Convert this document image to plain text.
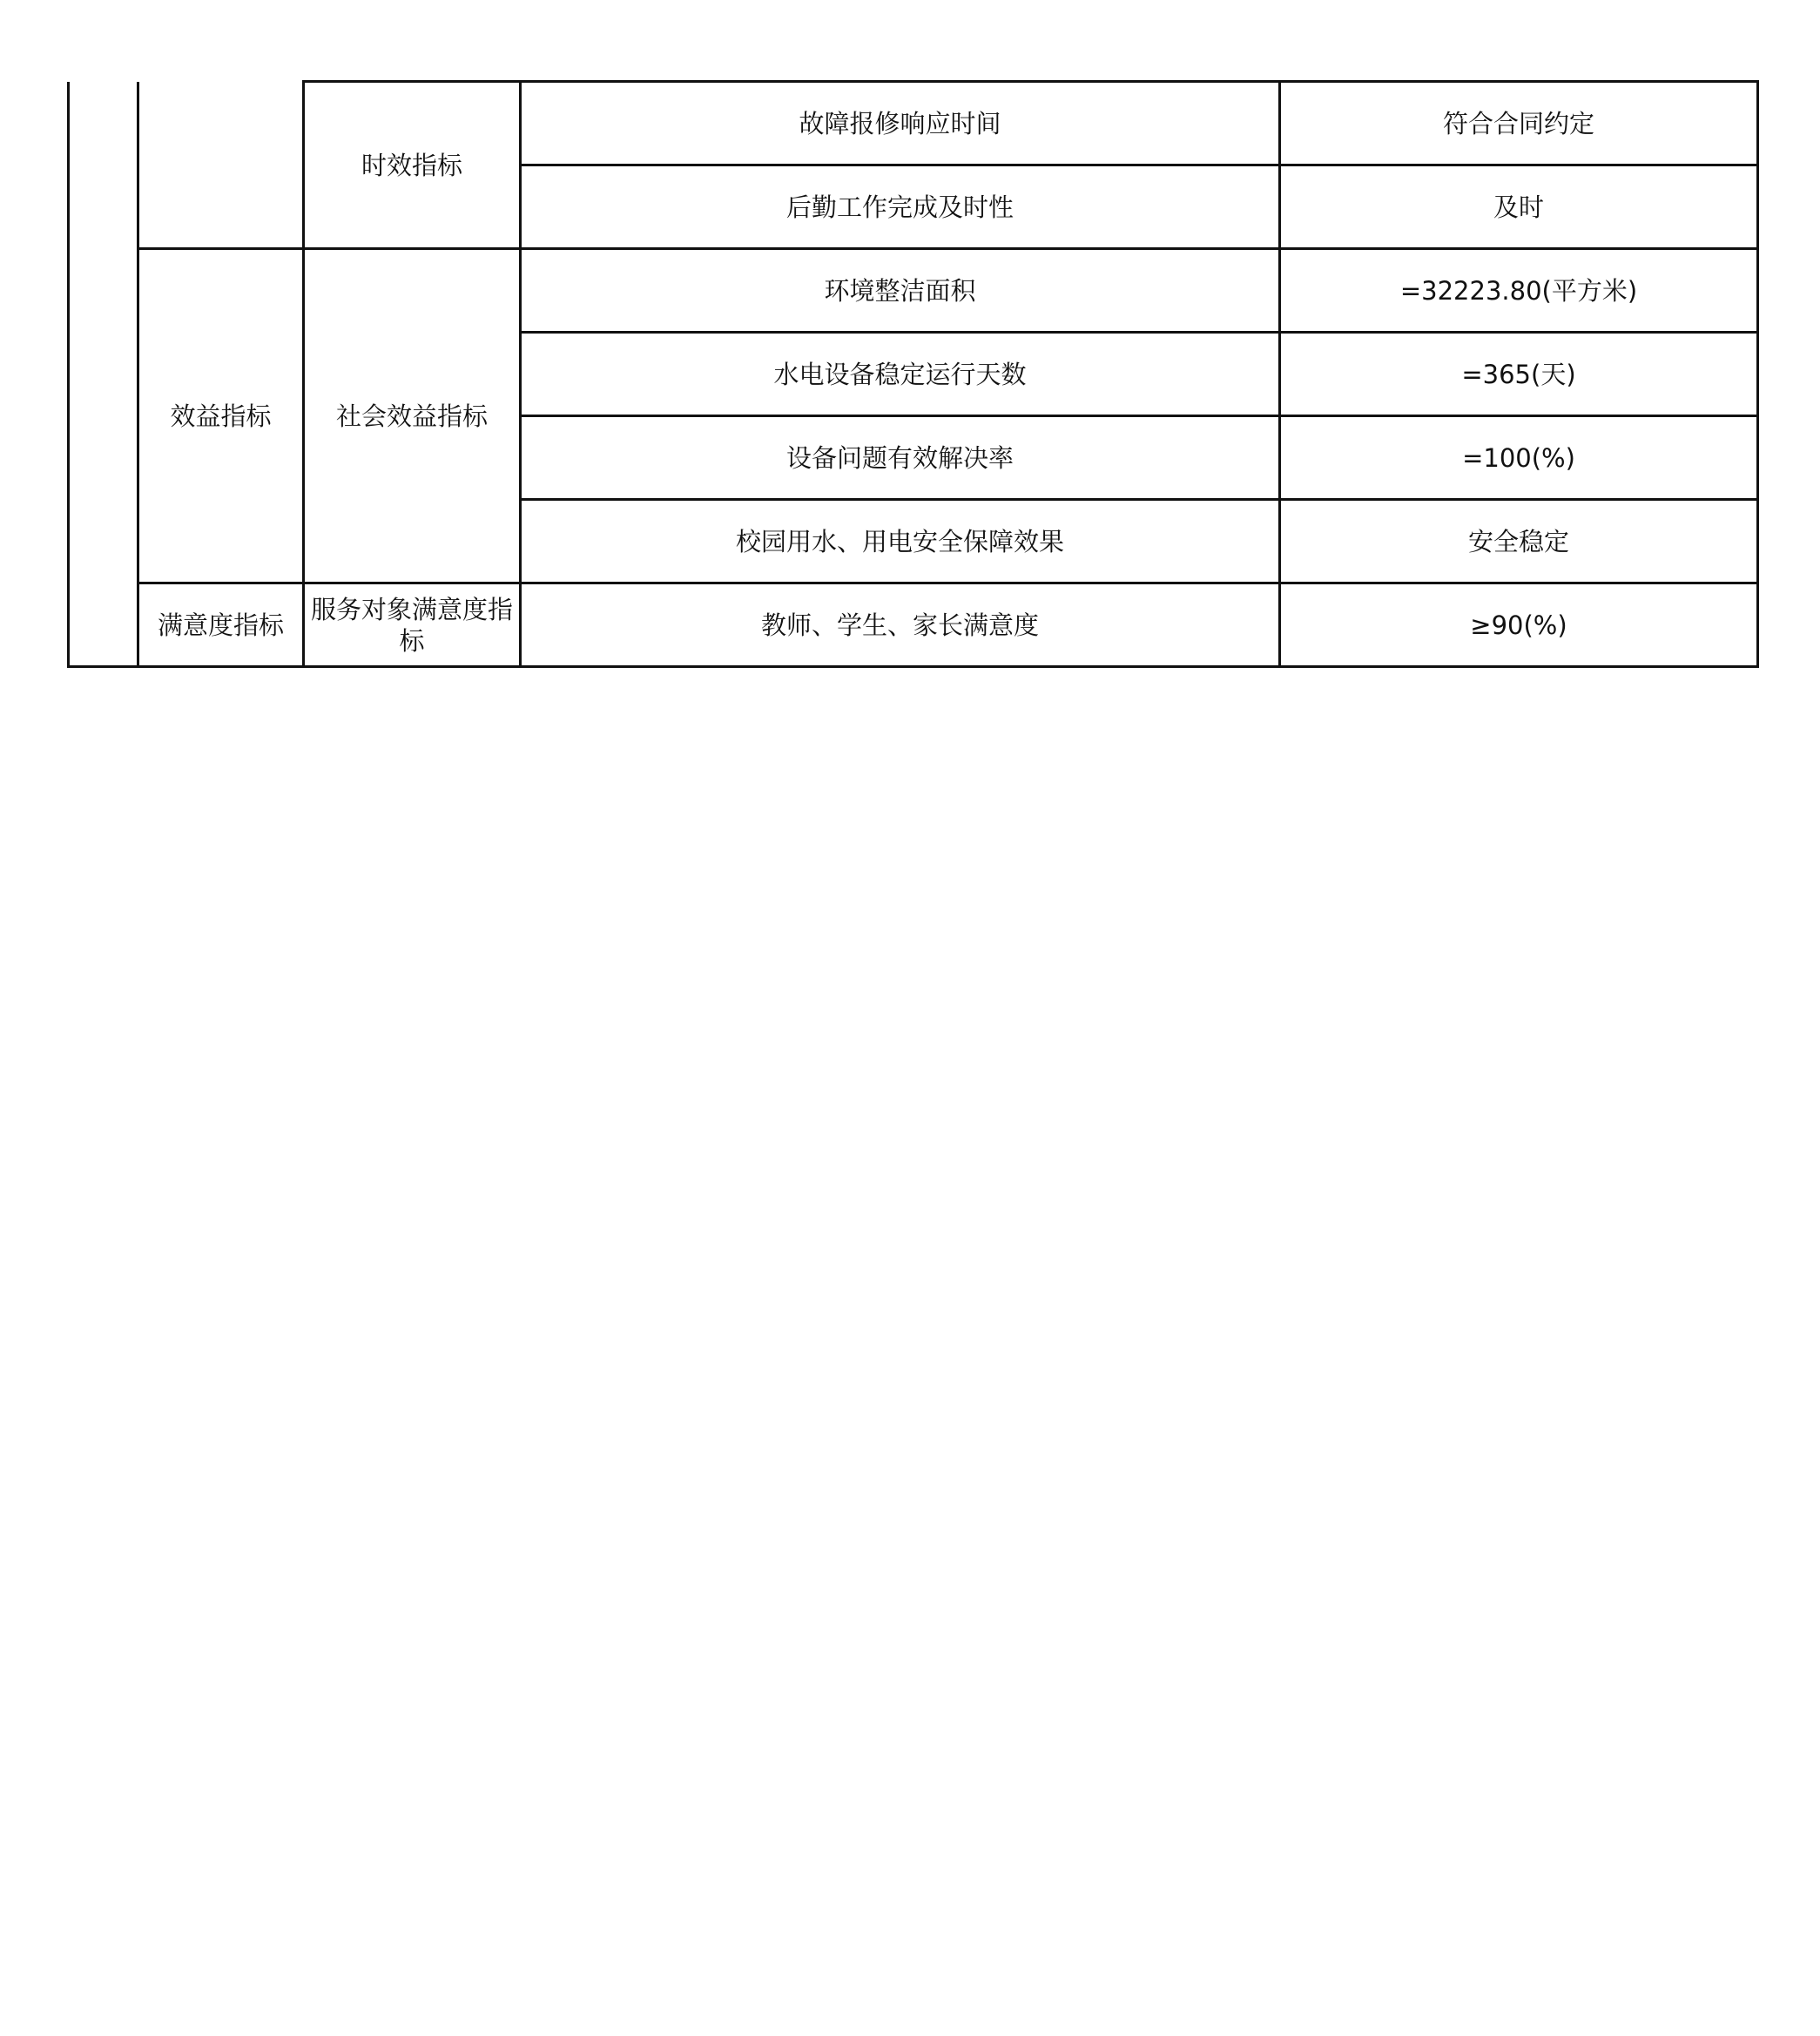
		时效指标	故障报修响应时间	符合合同约定
			后勤工作完成及时性	及时
	效益指标	社会效益指标	环境整洁面积	=32223.80(平方米)
			水电设备稳定运行天数	=365(天)
			设备问题有效解决率	=100(%)
			校园用水、用电安全保障效果	安全稳定
	满意度指标	服务对象满意度指标	教师、学生、家长满意度	≥90(%)
